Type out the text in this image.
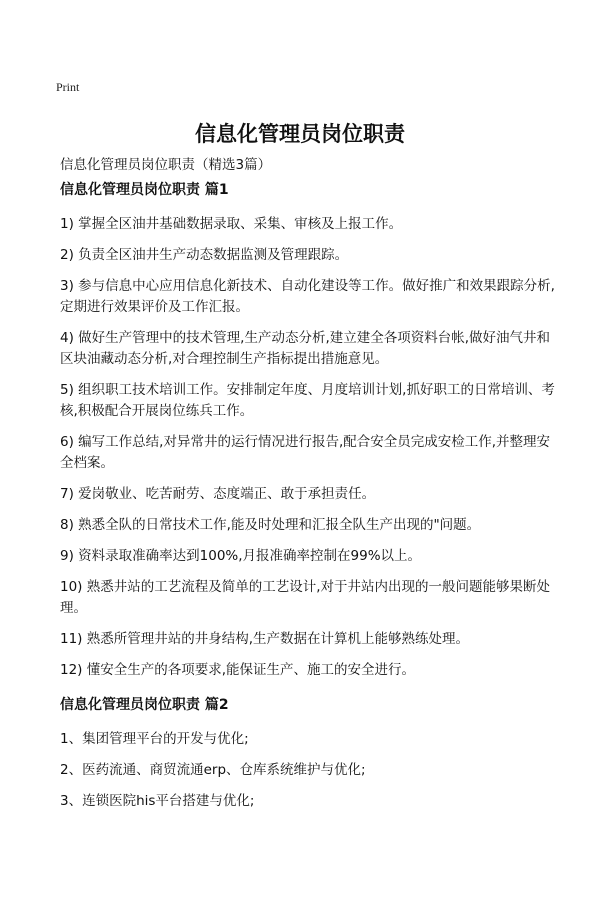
Print
信息化管理员岗位职责

信息化管理员岗位职责（精选3篇）

信息化管理员岗位职责 篇1

1) 掌握全区油井基础数据录取、采集、审核及上报工作。

2) 负责全区油井生产动态数据监测及管理跟踪。

3) 参与信息中心应用信息化新技术、自动化建设等工作。做好推广和效果跟踪分析,定期进行效果评价及工作汇报。

4) 做好生产管理中的技术管理,生产动态分析,建立建全各项资料台帐,做好油气井和区块油藏动态分析,对合理控制生产指标提出措施意见。

5) 组织职工技术培训工作。安排制定年度、月度培训计划,抓好职工的日常培训、考核,积极配合开展岗位练兵工作。

6) 编写工作总结,对异常井的运行情况进行报告,配合安全员完成安检工作,并整理安全档案。

7) 爱岗敬业、吃苦耐劳、态度端正、敢于承担责任。

8) 熟悉全队的日常技术工作,能及时处理和汇报全队生产出现的"问题。

9) 资料录取准确率达到100%,月报准确率控制在99%以上。

10) 熟悉井站的工艺流程及简单的工艺设计,对于井站内出现的一般问题能够果断处理。

11) 熟悉所管理井站的井身结构,生产数据在计算机上能够熟练处理。

12) 懂安全生产的各项要求,能保证生产、施工的安全进行。

信息化管理员岗位职责 篇2

1、集团管理平台的开发与优化;

2、医药流通、商贸流通erp、仓库系统维护与优化;

3、连锁医院his平台搭建与优化;
